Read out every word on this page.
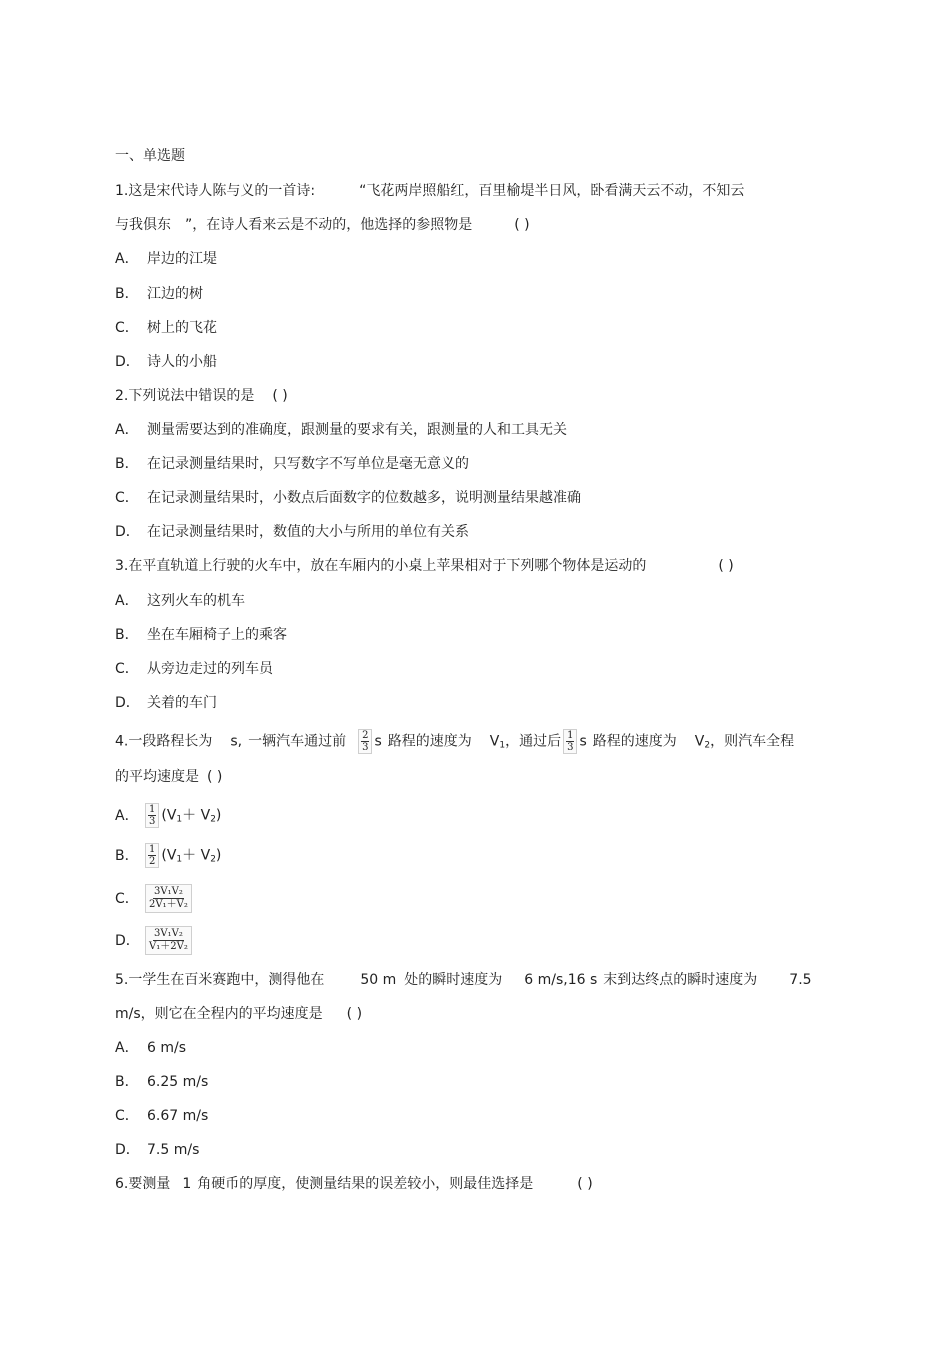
一、单选题
1.这是宋代诗人陈与义的一首诗:	“飞花两岸照船红，百里榆堤半日风，卧看满天云不动，不知云
与我俱东 ”，在诗人看来云是不动的，他选择的参照物是	( )
A． 岸边的江堤
B． 江边的树
C． 树上的飞花
D． 诗人的小船
2.下列说法中错误的是 ( )
A． 测量需要达到的准确度，跟测量的要求有关，跟测量的人和工具无关
B． 在记录测量结果时，只写数字不写单位是毫无意义的
C． 在记录测量结果时，小数点后面数字的位数越多，说明测量结果越准确
D． 在记录测量结果时，数值的大小与所用的单位有关系
3.在平直轨道上行驶的火车中，放在车厢内的小桌上苹果相对于下列哪个物体是运动的	( )
A． 这列火车的机车
B． 坐在车厢椅子上的乘客
C． 从旁边走过的列车员
D． 关着的车门
4.一段路程长为 s, 一辆汽车通过前 $\frac{2}{3}$ s 路程的速度为 $V_1$，通过后 $\frac{1}{3}$ s 路程的速度为 $V_2$，则汽车全程
的平均速度是 ( )
A． $\frac{1}{3} (V_1+ V_2)$
B． $\frac{1}{2} (V_1+ V_2)$
C． $\frac{\text{3V₁V₂}}{\text{2V₁＋V₂}}$
D． $\frac{\text{3V₁V₂}}{\text{V₁＋2V₂}}$
5.一学生在百米赛跑中，测得他在	50 m 处的瞬时速度为 6 m/s,16 s 末到达终点的瞬时速度为 7.5
m/s，则它在全程内的平均速度是 ( )
A． 6 m/s
B． 6.25 m/s
C． 6.67 m/s
D． 7.5 m/s
6.要测量 1 角硬币的厚度，使测量结果的误差较小，则最佳选择是	( )
